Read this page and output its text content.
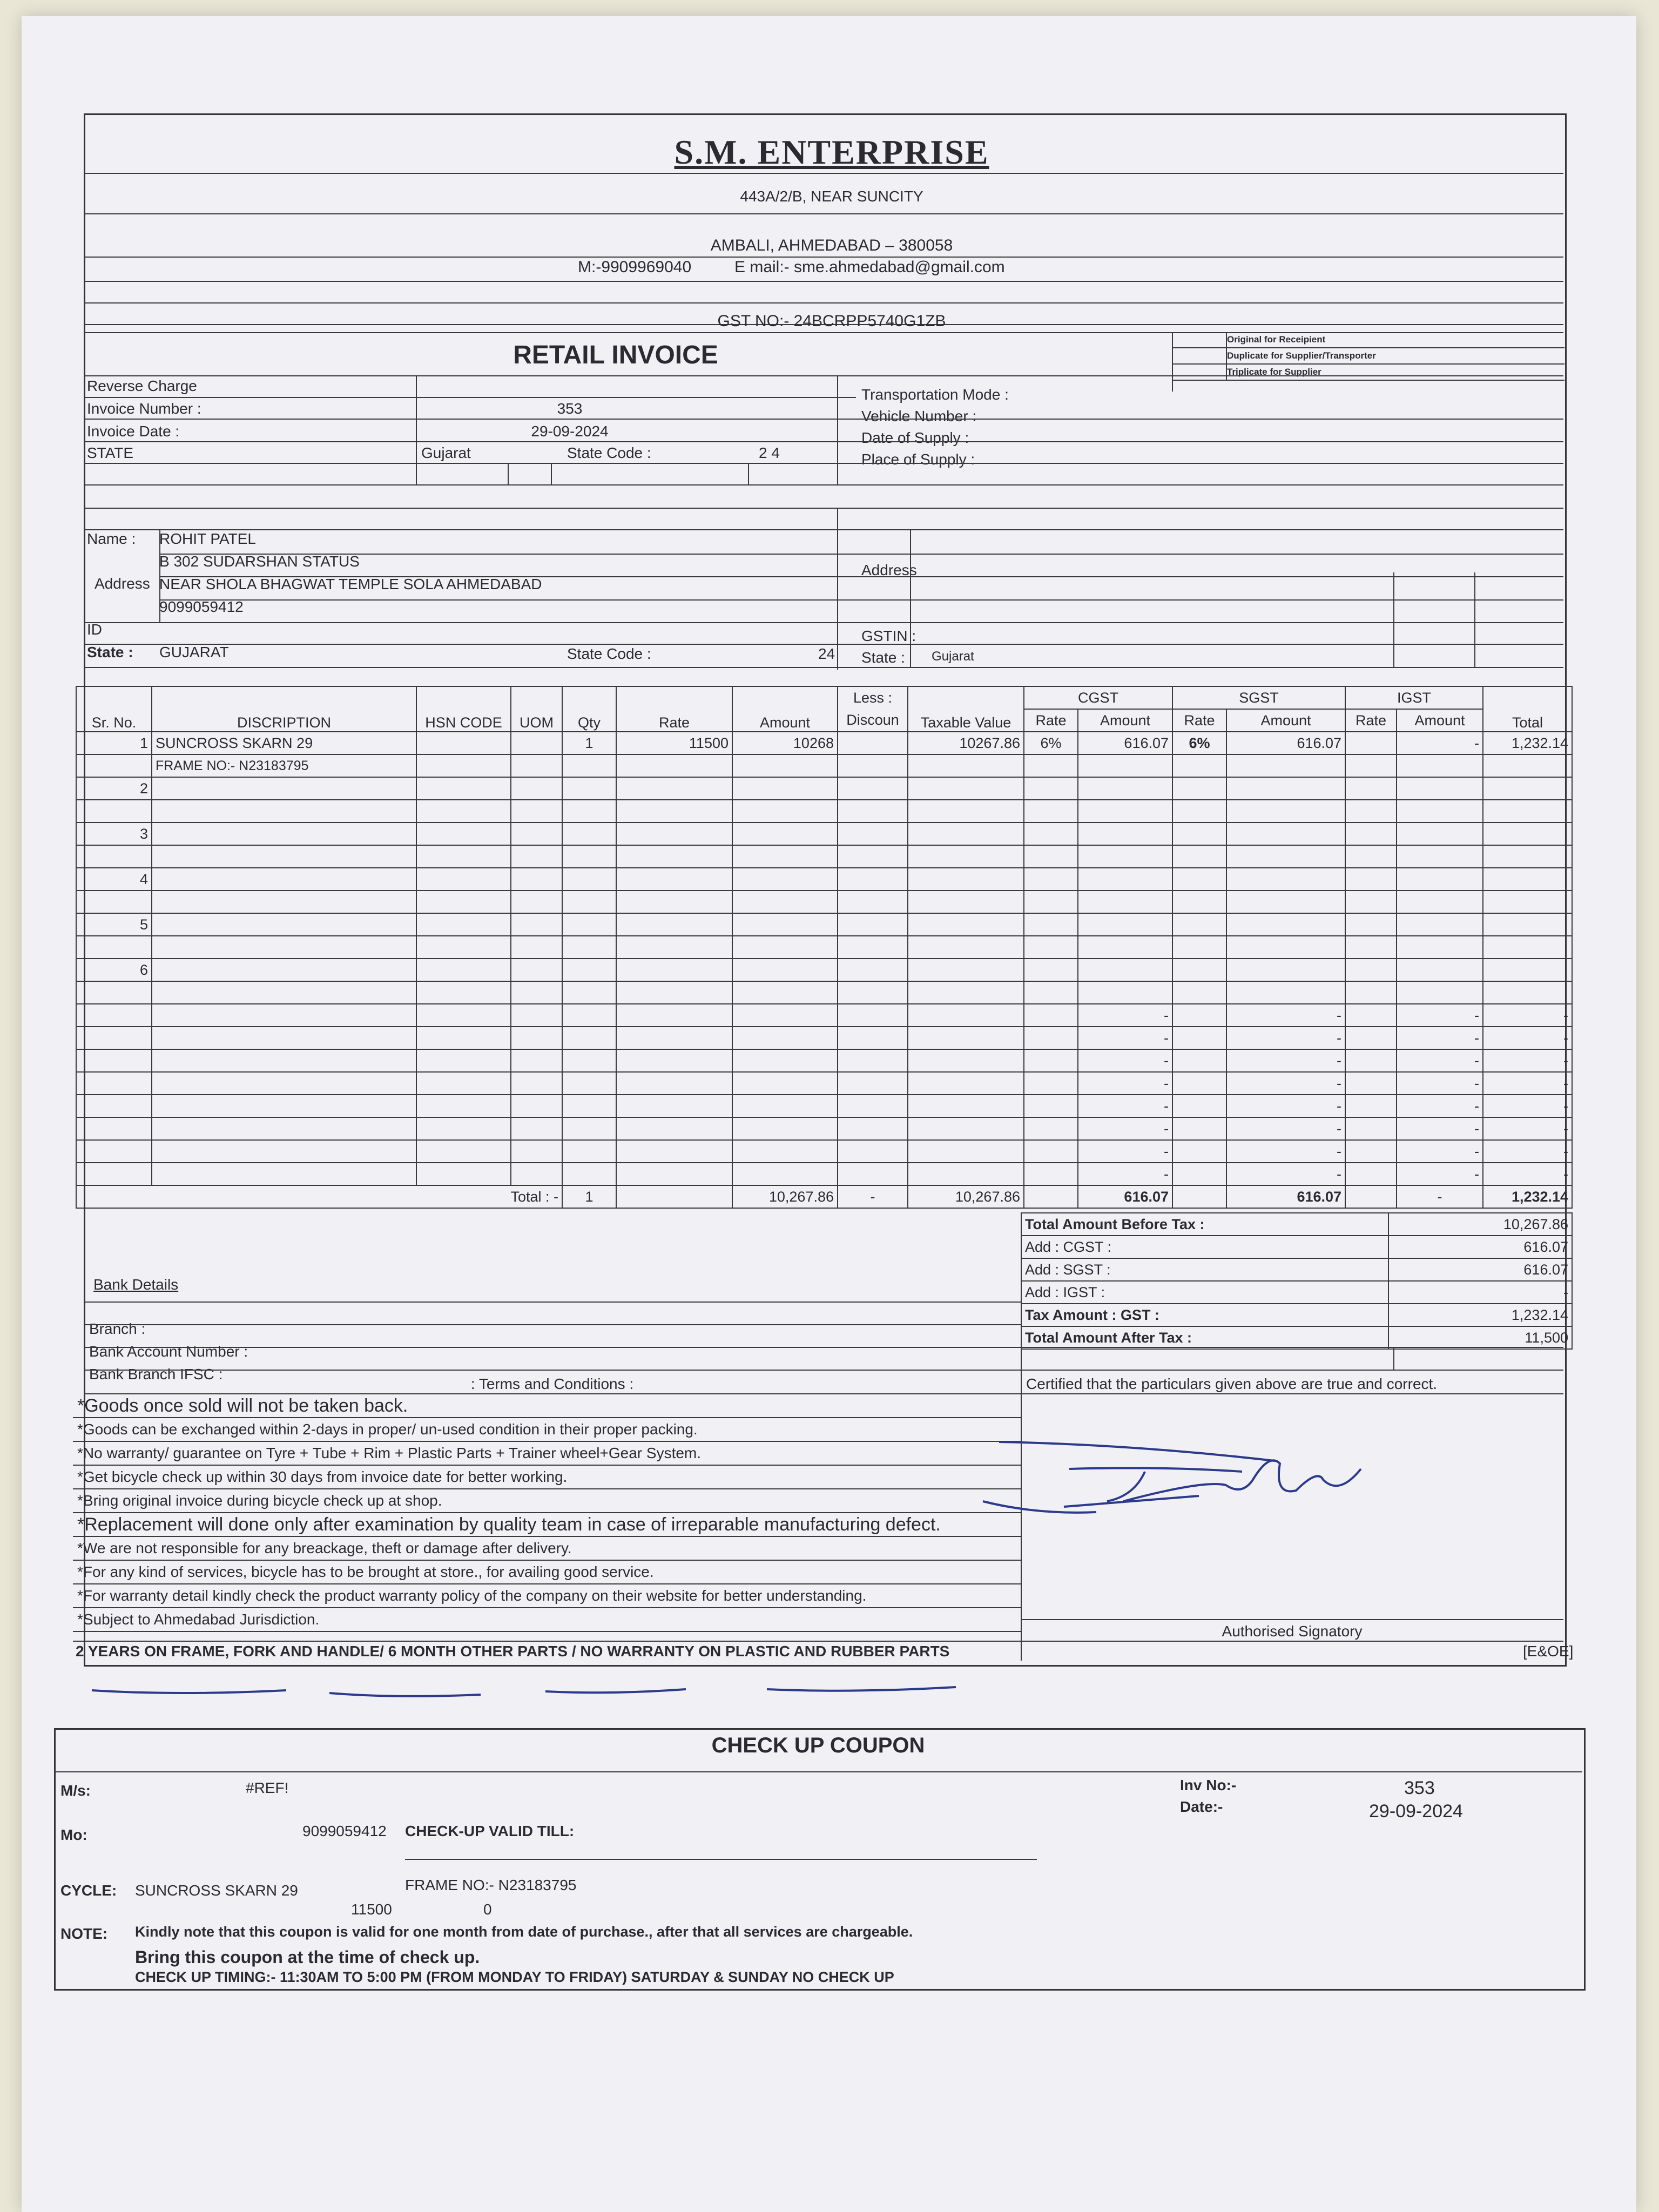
S.M. ENTERPRISE
443A/2/B, NEAR SUNCITY
AMBALI, AHMEDABAD – 380058
M:-9909969040	E mail:- sme.ahmedabad@gmail.com
GST NO:- 24BCRPP5740G1ZB
RETAIL INVOICE
Original for Receipient
Duplicate for Supplier/Transporter
Triplicate for Supplier
Reverse Charge
Invoice Number :	353
Invoice Date :	29-09-2024
STATE	Gujarat	State Code :	2 4
Transportation Mode :
Vehicle Number :
Date of Supply :
Place of Supply :
Name : ROHIT PATEL
Address
B 302 SUDARSHAN STATUS
NEAR SHOLA BHAGWAT TEMPLE SOLA AHMEDABAD
9099059412
ID
State : GUJARAT	State Code :	24
Address
GSTIN :
State : Gujarat
Sr. No.	DISCRIPTION	HSN CODE	UOM	Qty	Rate	Amount	Less :	Taxable Value	CGST		SGST		IGST		Total
							Discoun		Rate	Amount	Rate	Amount	Rate	Amount	
1	SUNCROSS SKARN 29			1	11500	10268		10267.86	6%	616.07	6%	616.07		-	1,232.14
	FRAME NO:- N23183795														
2															

3															

4															

5															

6															

										-		-		-	-
										-		-		-	-
										-		-		-	-
										-		-		-	-
										-		-		-	-
										-		-		-	-
										-		-		-	-
										-		-		-	-
Total : -				1		10,267.86	-	10,267.86		616.07		616.07		-	1,232.14
Total Amount Before Tax :	10,267.86
Add : CGST :	616.07
Add : SGST :	616.07
Add : IGST :	-
Tax Amount : GST :	1,232.14
Total Amount After Tax :	11,500
Bank Details
Branch :
Bank Account Number :
Bank Branch IFSC :
: Terms and Conditions :	Certified that the particulars given above are true and correct.
*Goods once sold will not be taken back.
*Goods can be exchanged within 2-days in proper/ un-used condition in their proper packing.
*No warranty/ guarantee on Tyre + Tube + Rim + Plastic Parts + Trainer wheel+Gear System.
*Get bicycle check up within 30 days from invoice date for better working.
*Bring original invoice during bicycle check up at shop.
*Replacement will done only after examination by quality team in case of irreparable manufacturing defect.
*We are not responsible for any breackage, theft or damage after delivery.
*For any kind of services, bicycle has to be brought at store., for availing good service.
*For warranty detail kindly check the product warranty policy of the company on their website for better understanding.
*Subject to Ahmedabad Jurisdiction.
Authorised Signatory
2 YEARS ON FRAME, FORK AND HANDLE/ 6 MONTH OTHER PARTS / NO WARRANTY ON PLASTIC AND RUBBER PARTS	[E&OE]
CHECK UP COUPON
M/s:	#REF!	Inv No:-	353
Date:-	29-09-2024
Mo:	9099059412 CHECK-UP VALID TILL:
CYCLE: SUNCROSS SKARN 29	FRAME NO:- N23183795
11500	0
NOTE: Kindly note that this coupon is valid for one month from date of purchase., after that all services are chargeable.
Bring this coupon at the time of check up.
CHECK UP TIMING:- 11:30AM TO 5:00 PM (FROM MONDAY TO FRIDAY) SATURDAY & SUNDAY NO CHECK UP
